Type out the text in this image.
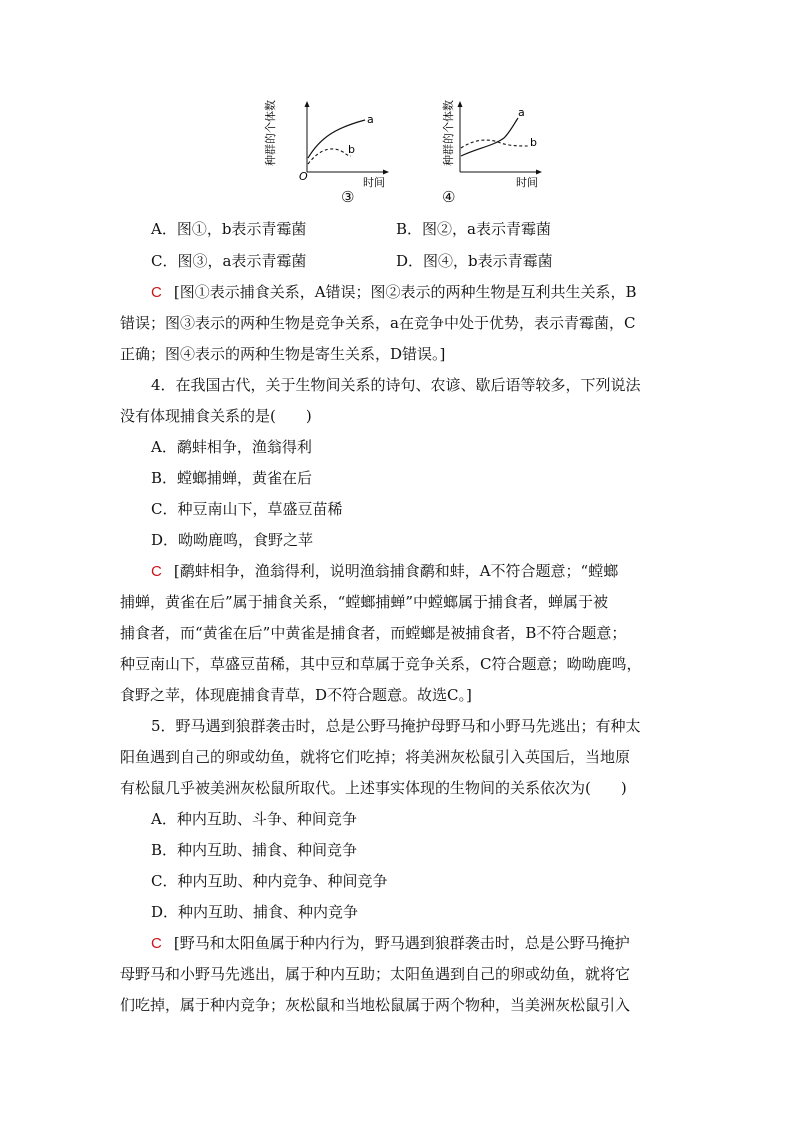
种群的个体数	a
b
O	时间
③
种群的个体数	a
b
时间
④
A．图①，b表示青霉菌	B．图②，a表示青霉菌
C．图③，a表示青霉菌	D．图④，b表示青霉菌
C [图①表示捕食关系，A错误；图②表示的两种生物是互利共生关系，B
错误；图③表示的两种生物是竞争关系，a在竞争中处于优势，表示青霉菌，C
正确；图④表示的两种生物是寄生关系，D错误。]
4．在我国古代，关于生物间关系的诗句、农谚、歇后语等较多，下列说法
没有体现捕食关系的是(　　)
A．鹬蚌相争，渔翁得利
B．螳螂捕蝉，黄雀在后
C．种豆南山下，草盛豆苗稀
D．呦呦鹿鸣，食野之苹
C [鹬蚌相争，渔翁得利，说明渔翁捕食鹬和蚌，A不符合题意；“螳螂
捕蝉，黄雀在后”属于捕食关系，“螳螂捕蝉”中螳螂属于捕食者，蝉属于被
捕食者，而“黄雀在后”中黄雀是捕食者，而螳螂是被捕食者，B不符合题意；
种豆南山下，草盛豆苗稀，其中豆和草属于竞争关系，C符合题意；呦呦鹿鸣，
食野之苹，体现鹿捕食青草，D不符合题意。故选C。]
5．野马遇到狼群袭击时，总是公野马掩护母野马和小野马先逃出；有种太
阳鱼遇到自己的卵或幼鱼，就将它们吃掉；将美洲灰松鼠引入英国后，当地原
有松鼠几乎被美洲灰松鼠所取代。上述事实体现的生物间的关系依次为(　　)
A．种内互助、斗争、种间竞争
B．种内互助、捕食、种间竞争
C．种内互助、种内竞争、种间竞争
D．种内互助、捕食、种内竞争
C [野马和太阳鱼属于种内行为，野马遇到狼群袭击时，总是公野马掩护
母野马和小野马先逃出，属于种内互助；太阳鱼遇到自己的卵或幼鱼，就将它
们吃掉，属于种内竞争；灰松鼠和当地松鼠属于两个物种，当美洲灰松鼠引入
